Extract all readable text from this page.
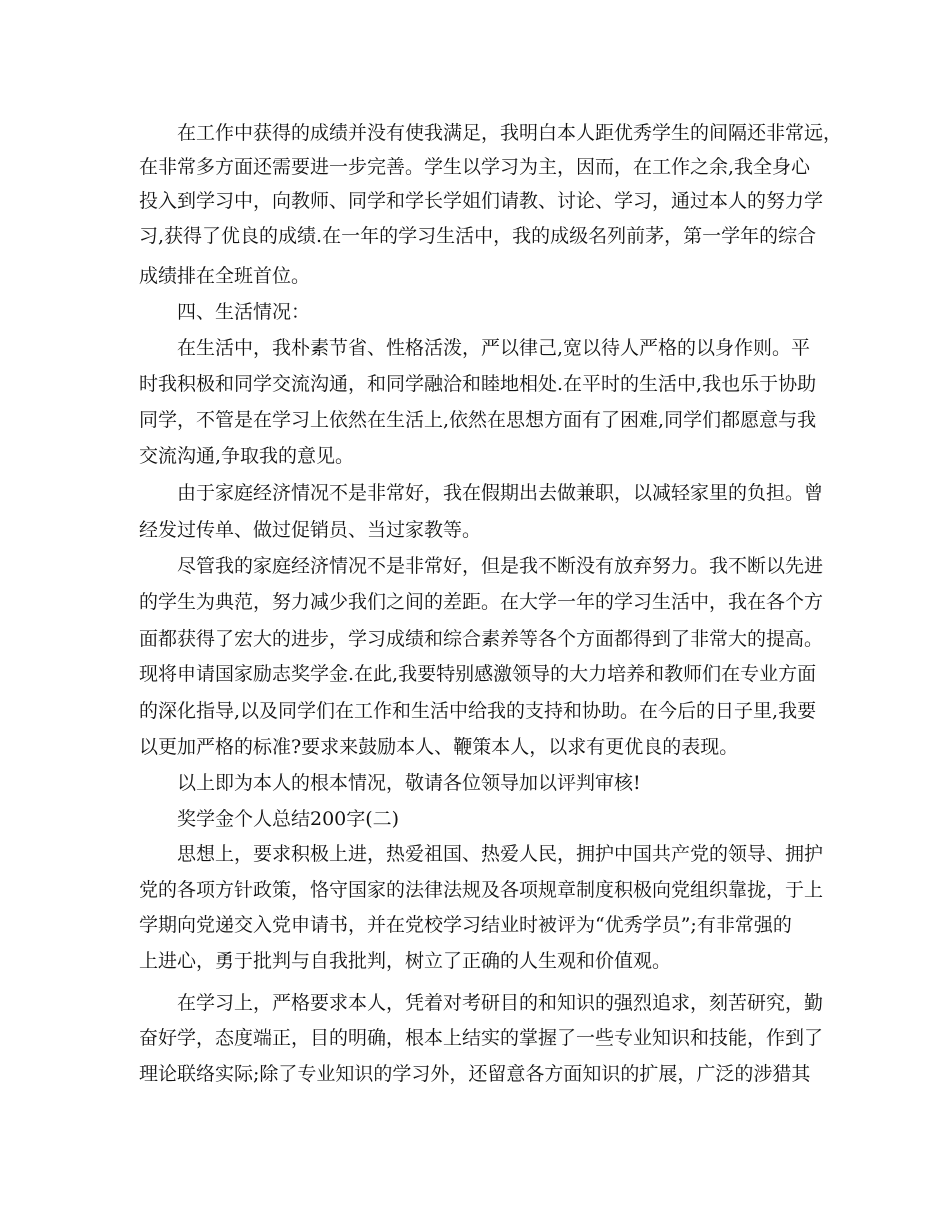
在工作中获得的成绩并没有使我满足，我明白本人距优秀学生的间隔还非常远，
在非常多方面还需要进一步完善。学生以学习为主，因而，在工作之余,我全身心
投入到学习中，向教师、同学和学长学姐们请教、讨论、学习，通过本人的努力学
习,获得了优良的成绩.在一年的学习生活中，我的成级名列前茅，第一学年的综合
成绩排在全班首位。
四、生活情况：
在生活中，我朴素节省、性格活泼，严以律己,宽以待人严格的以身作则。平
时我积极和同学交流沟通，和同学融洽和睦地相处.在平时的生活中,我也乐于协助
同学，不管是在学习上依然在生活上,依然在思想方面有了困难,同学们都愿意与我
交流沟通,争取我的意见。
由于家庭经济情况不是非常好，我在假期出去做兼职，以减轻家里的负担。曾
经发过传单、做过促销员、当过家教等。
尽管我的家庭经济情况不是非常好，但是我不断没有放弃努力。我不断以先进
的学生为典范，努力减少我们之间的差距。在大学一年的学习生活中，我在各个方
面都获得了宏大的进步，学习成绩和综合素养等各个方面都得到了非常大的提高。
现将申请国家励志奖学金.在此,我要特别感激领导的大力培养和教师们在专业方面
的深化指导,以及同学们在工作和生活中给我的支持和协助。在今后的日子里,我要
以更加严格的标准?要求来鼓励本人、鞭策本人，以求有更优良的表现。
以上即为本人的根本情况，敬请各位领导加以评判审核!
奖学金个人总结200字(二)
思想上，要求积极上进，热爱祖国、热爱人民，拥护中国共产党的领导、拥护
党的各项方针政策，恪守国家的法律法规及各项规章制度积极向党组织靠拢，于上
学期向党递交入党申请书，并在党校学习结业时被评为“优秀学员”;有非常强的
上进心，勇于批判与自我批判，树立了正确的人生观和价值观。
在学习上，严格要求本人，凭着对考研目的和知识的强烈追求，刻苦研究，勤
奋好学，态度端正，目的明确，根本上结实的掌握了一些专业知识和技能，作到了
理论联络实际;除了专业知识的学习外，还留意各方面知识的扩展，广泛的涉猎其
